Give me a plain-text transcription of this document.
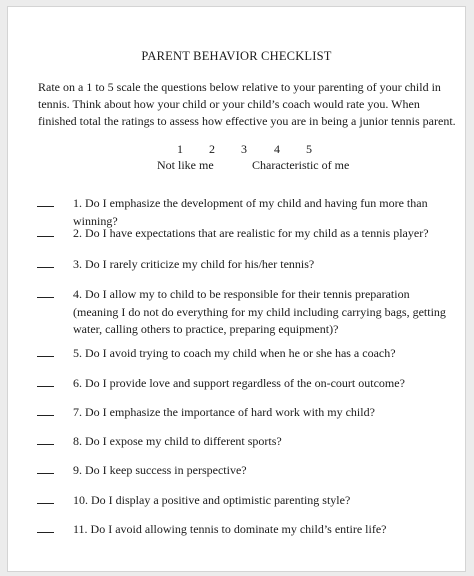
PARENT BEHAVIOR CHECKLIST
Rate on a 1 to 5 scale the questions below relative to your parenting of your child in tennis. Think about how your child or your child’s coach would rate you. When finished total the ratings to assess how effective you are in being a junior tennis parent.
1 2 3 4 5
Not like me	Characteristic of me
1. Do I emphasize the development of my child and having fun more than winning?
2. Do I have expectations that are realistic for my child as a tennis player?
3. Do I rarely criticize my child for his/her tennis?
4. Do I allow my to child to be responsible for their tennis preparation (meaning I do not do everything for my child including carrying bags, getting water, calling others to practice, preparing equipment)?
5. Do I avoid trying to coach my child when he or she has a coach?
6. Do I provide love and support regardless of the on-court outcome?
7. Do I emphasize the importance of hard work with my child?
8. Do I expose my child to different sports?
9. Do I keep success in perspective?
10. Do I display a positive and optimistic parenting style?
11. Do I avoid allowing tennis to dominate my child’s entire life?
